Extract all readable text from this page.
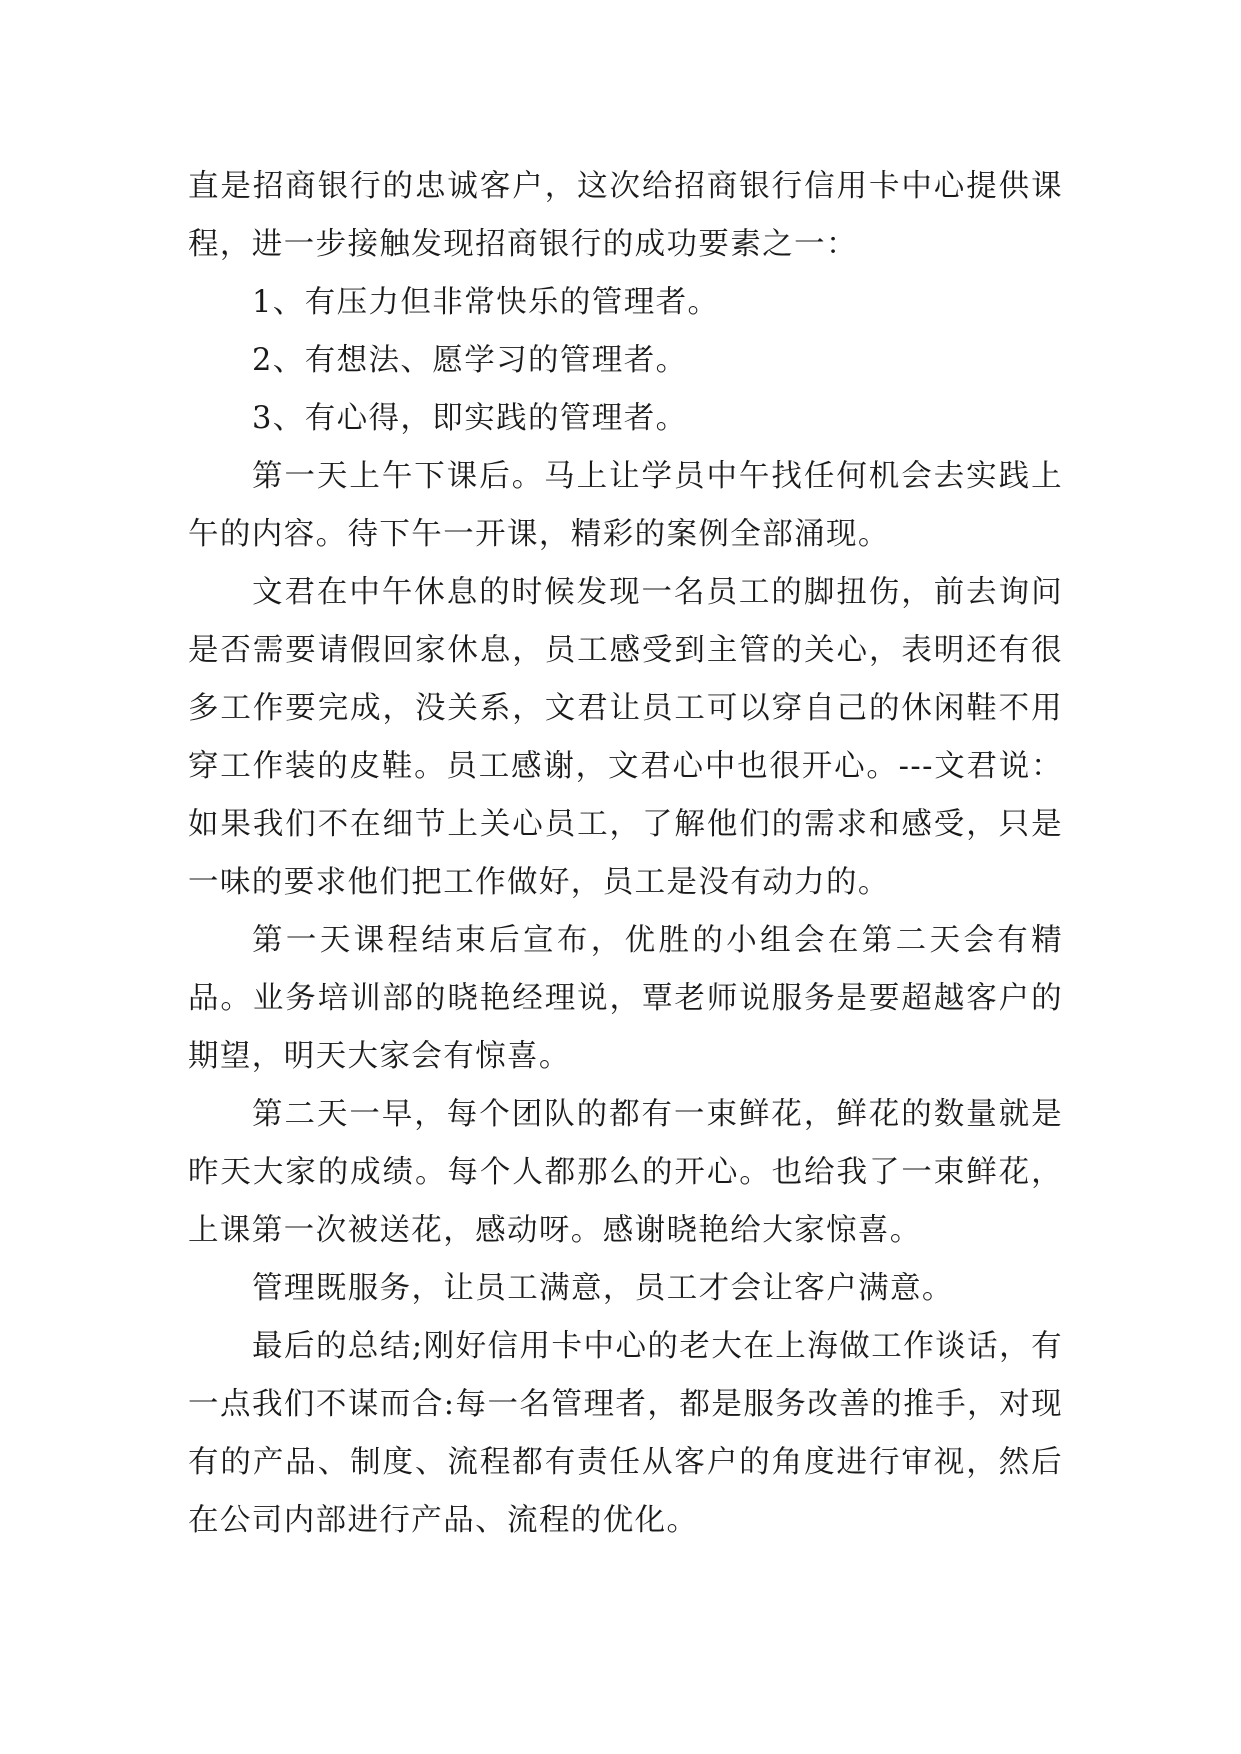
直是招商银行的忠诚客户，这次给招商银行信用卡中心提供课程，进一步接触发现招商银行的成功要素之一：

1、有压力但非常快乐的管理者。

2、有想法、愿学习的管理者。

3、有心得，即实践的管理者。

第一天上午下课后。马上让学员中午找任何机会去实践上午的内容。待下午一开课，精彩的案例全部涌现。

文君在中午休息的时候发现一名员工的脚扭伤，前去询问是否需要请假回家休息，员工感受到主管的关心，表明还有很多工作要完成，没关系，文君让员工可以穿自己的休闲鞋不用穿工作装的皮鞋。员工感谢，文君心中也很开心。---文君说：如果我们不在细节上关心员工，了解他们的需求和感受，只是一味的要求他们把工作做好，员工是没有动力的。

第一天课程结束后宣布，优胜的小组会在第二天会有精品。业务培训部的晓艳经理说，覃老师说服务是要超越客户的期望，明天大家会有惊喜。

第二天一早，每个团队的都有一束鲜花，鲜花的数量就是昨天大家的成绩。每个人都那么的开心。也给我了一束鲜花，上课第一次被送花，感动呀。感谢晓艳给大家惊喜。

管理既服务，让员工满意，员工才会让客户满意。

最后的总结;刚好信用卡中心的老大在上海做工作谈话，有一点我们不谋而合:每一名管理者，都是服务改善的推手，对现有的产品、制度、流程都有责任从客户的角度进行审视，然后在公司内部进行产品、流程的优化。
